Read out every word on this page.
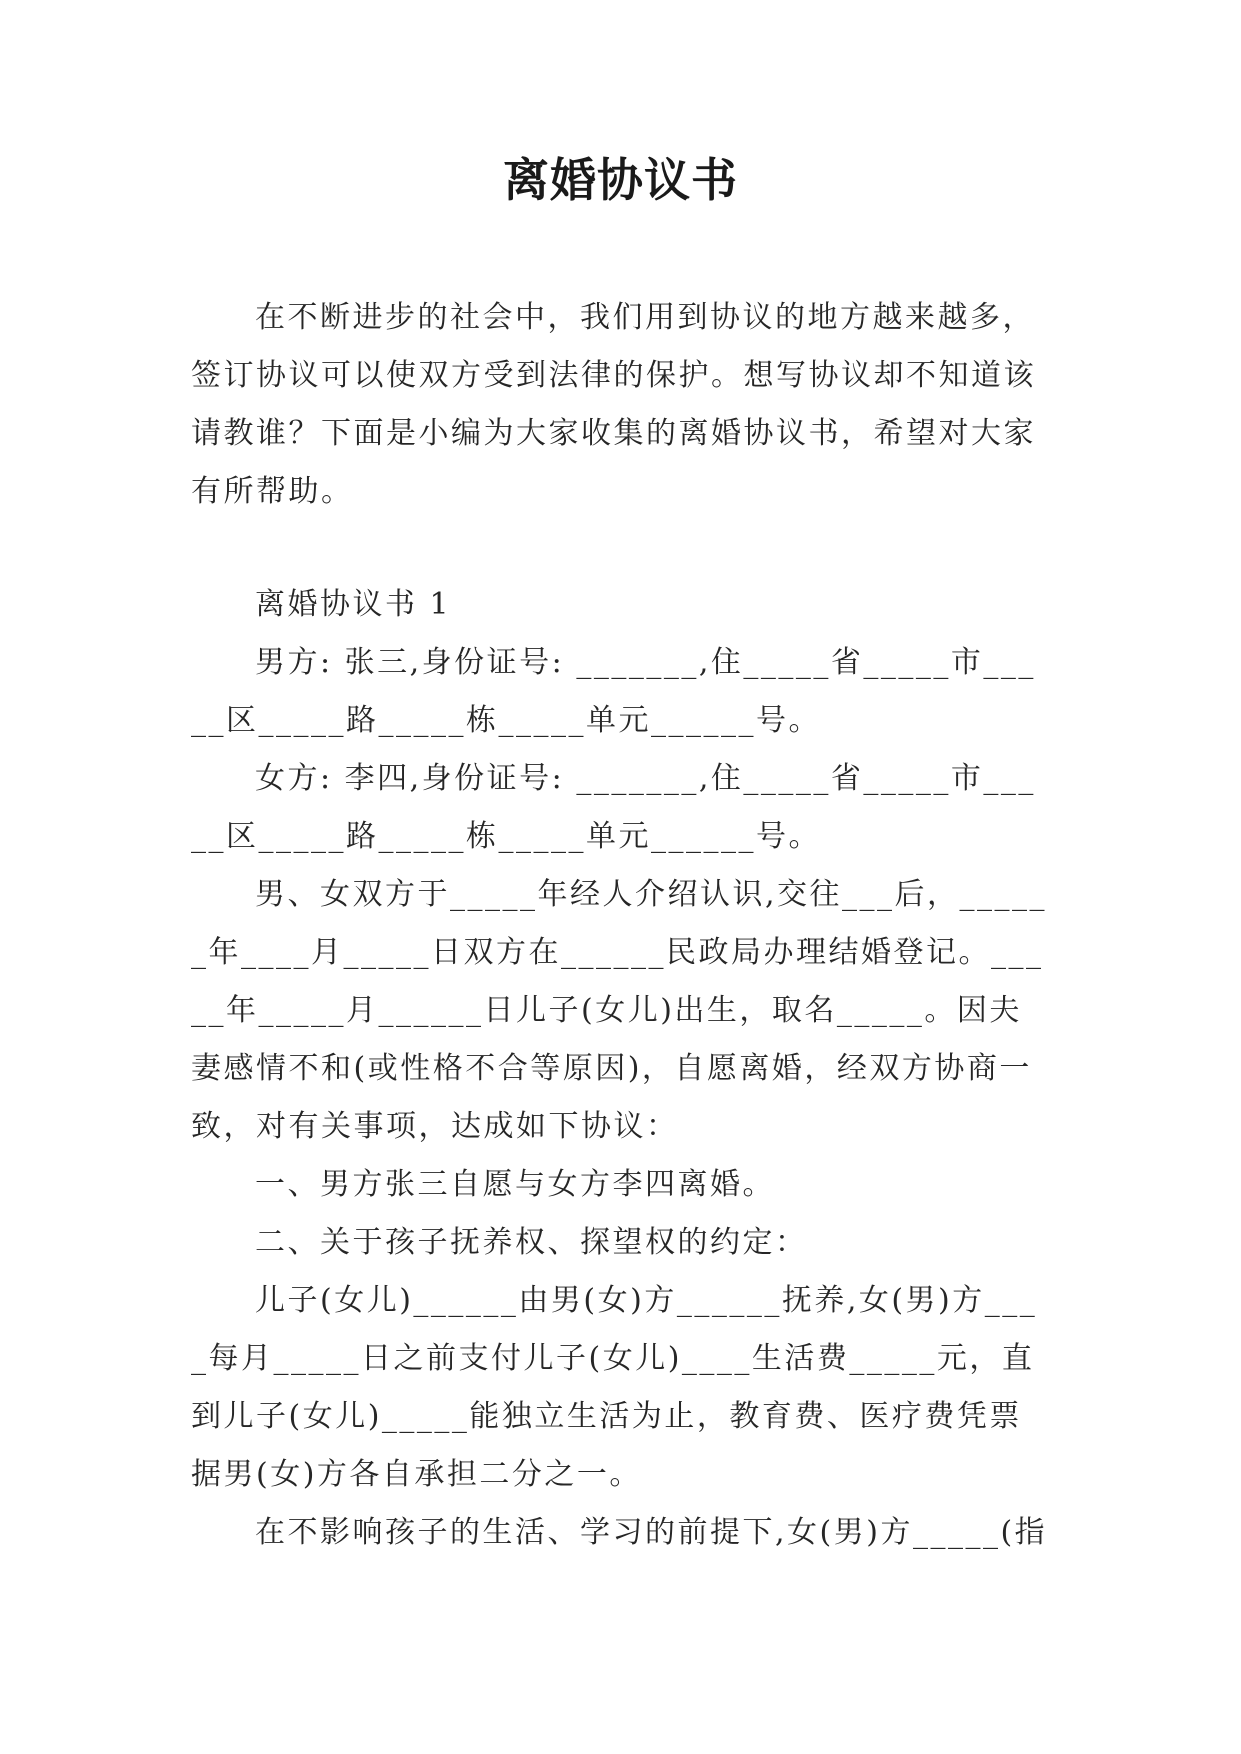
离婚协议书

在不断进步的社会中，我们用到协议的地方越来越多，签订协议可以使双方受到法律的保护。想写协议却不知道该请教谁？下面是小编为大家收集的离婚协议书，希望对大家有所帮助。

离婚协议书 1

男方: 张三,身份证号: _______,住_____省_____市_____区_____路_____栋_____单元______号。

女方: 李四,身份证号: _______,住_____省_____市_____区_____路_____栋_____单元______号。

男、女双方于_____年经人介绍认识,交往___后，______年____月_____日双方在______民政局办理结婚登记。_____年_____月______日儿子(女儿)出生，取名_____。因夫妻感情不和(或性格不合等原因)，自愿离婚，经双方协商一致，对有关事项，达成如下协议：

一、男方张三自愿与女方李四离婚。

二、关于孩子抚养权、探望权的约定：

儿子(女儿)______由男(女)方______抚养,女(男)方____每月_____日之前支付儿子(女儿)____生活费_____元，直到儿子(女儿)_____能独立生活为止，教育费、医疗费凭票据男(女)方各自承担二分之一。

在不影响孩子的生活、学习的前提下,女(男)方_____(指
